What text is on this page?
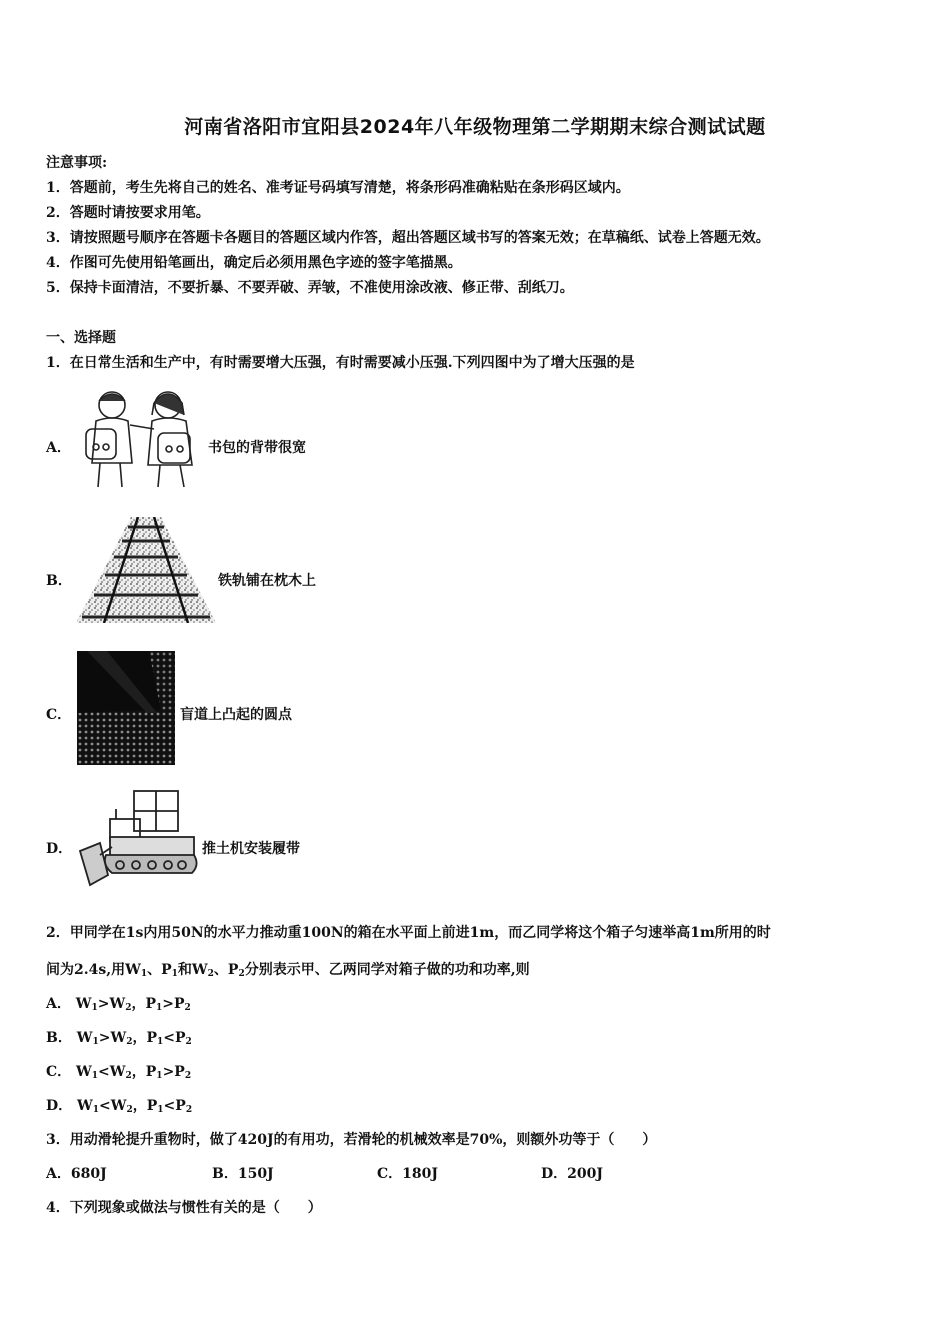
河南省洛阳市宜阳县2024年八年级物理第二学期期末综合测试试题
注意事项:
1．答题前，考生先将自己的姓名、准考证号码填写清楚，将条形码准确粘贴在条形码区域内。
2．答题时请按要求用笔。
3．请按照题号顺序在答题卡各题目的答题区域内作答，超出答题区域书写的答案无效；在草稿纸、试卷上答题无效。
4．作图可先使用铅笔画出，确定后必须用黑色字迹的签字笔描黑。
5．保持卡面清洁，不要折暴、不要弄破、弄皱，不准使用涂改液、修正带、刮纸刀。
一、选择题
1．在日常生活和生产中，有时需要增大压强，有时需要减小压强.下列四图中为了增大压强的是
A．	书包的背带很宽
B．	铁轨铺在枕木上
C．	盲道上凸起的圆点
D．	推土机安装履带
2．甲同学在1s内用50N的水平力推动重100N的箱在水平面上前进1m，而乙同学将这个箱子匀速举高1m所用的时
间为2.4s,用$W_1$、$P_1$和$W_2$、$P_2$分别表示甲、乙两同学对箱子做的功和功率,则
A． $W_1>W_2$，$P_1>P_2$
B． $W_1>W_2$，$P_1<P_2$
C． $W_1<W_2$，$P_1>P_2$
D． $W_1<W_2$，$P_1<P_2$
3．用动滑轮提升重物时，做了420J的有用功，若滑轮的机械效率是70%，则额外功等于（　　）
A．680J	B．150J	C．180J	D．200J
4．下列现象或做法与惯性有关的是（　　）
